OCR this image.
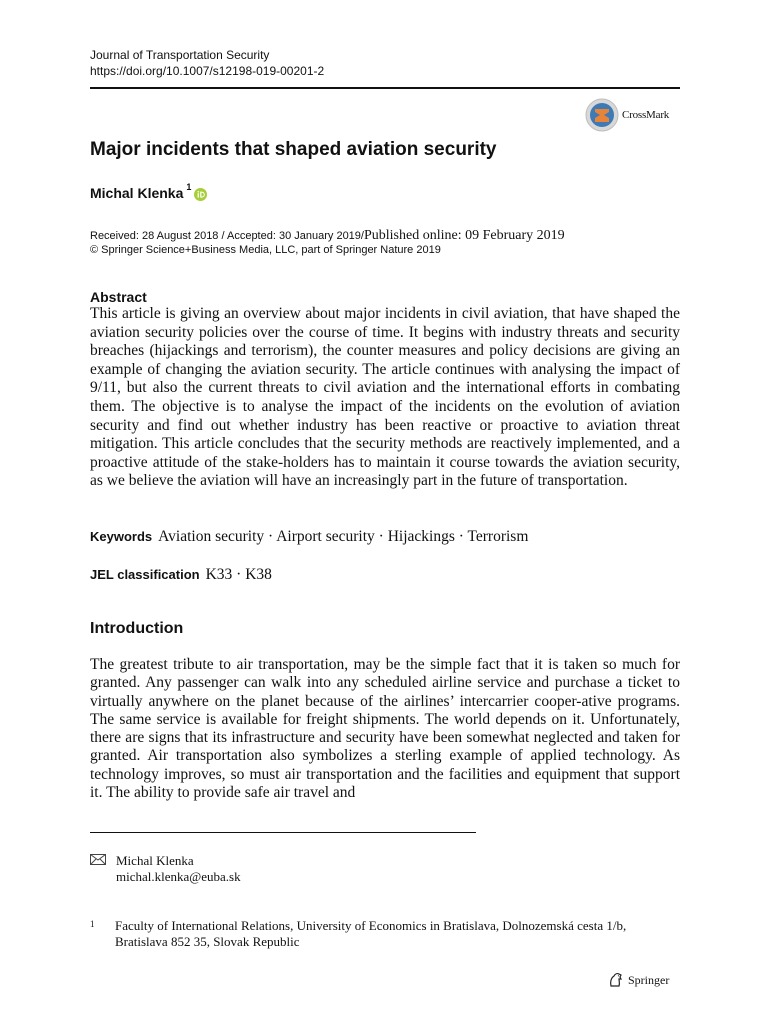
Journal of Transportation Security
https://doi.org/10.1007/s12198-019-00201-2
CrossMark
Major incidents that shaped aviation security
Michal Klenka 1
Received: 28 August 2018 / Accepted: 30 January 2019/Published online: 09 February 2019
© Springer Science+Business Media, LLC, part of Springer Nature 2019
Abstract
This article is giving an overview about major incidents in civil aviation, that have shaped the aviation security policies over the course of time. It begins with industry threats and security breaches (hijackings and terrorism), the counter measures and policy decisions are giving an example of changing the aviation security. The article continues with analysing the impact of 9/11, but also the current threats to civil aviation and the international efforts in combating them. The objective is to analyse the impact of the incidents on the evolution of aviation security and find out whether industry has been reactive or proactive to aviation threat mitigation. This article concludes that the security methods are reactively implemented, and a proactive attitude of the stake-holders has to maintain it course towards the aviation security, as we believe the aviation will have an increasingly part in the future of transportation.
Keywords Aviation security · Airport security · Hijackings · Terrorism
JEL classification K33 · K38
Introduction
The greatest tribute to air transportation, may be the simple fact that it is taken so much for granted. Any passenger can walk into any scheduled airline service and purchase a ticket to virtually anywhere on the planet because of the airlines’ intercarrier cooper-ative programs. The same service is available for freight shipments. The world depends on it. Unfortunately, there are signs that its infrastructure and security have been somewhat neglected and taken for granted. Air transportation also symbolizes a sterling example of applied technology. As technology improves, so must air transportation and the facilities and equipment that support it. The ability to provide safe air travel and
Michal Klenka
michal.klenka@euba.sk
1	Faculty of International Relations, University of Economics in Bratislava, Dolnozemská cesta 1/b,
Bratislava 852 35, Slovak Republic
Springer
